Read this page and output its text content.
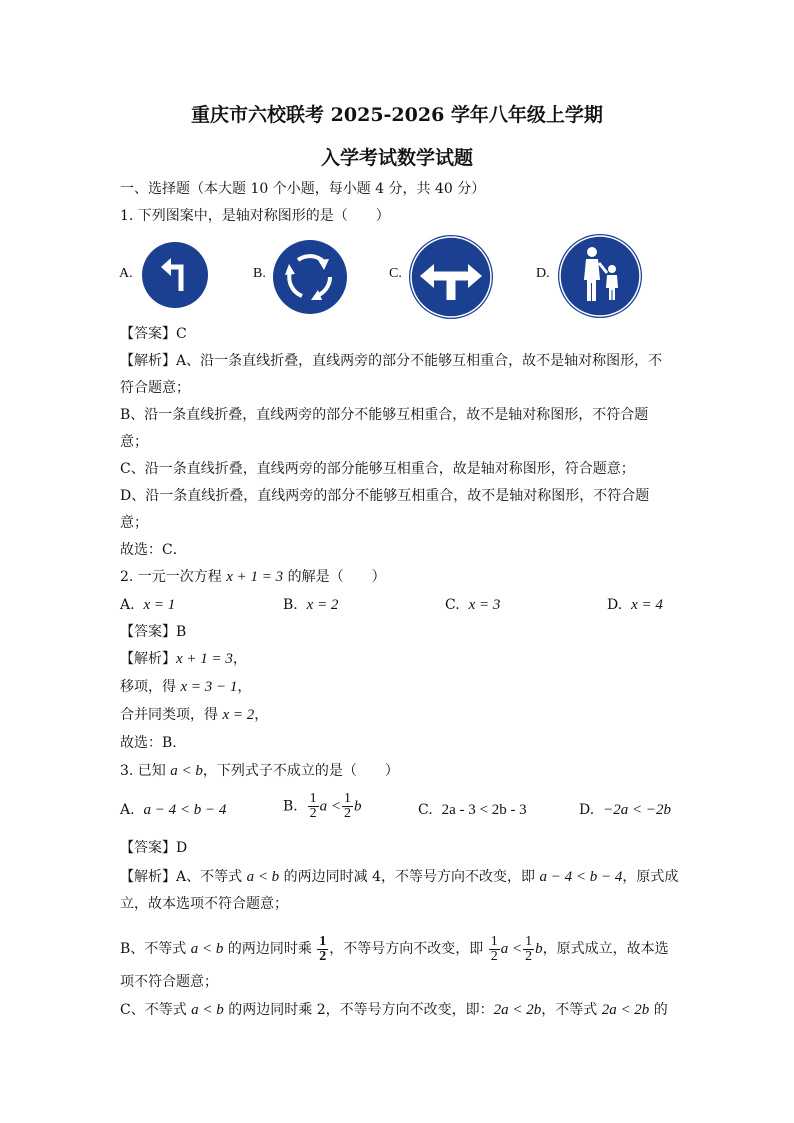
重庆市六校联考 2025-2026 学年八年级上学期
入学考试数学试题
一、选择题（本大题 10 个小题，每小题 4 分，共 40 分）
1. 下列图案中，是轴对称图形的是（　　）
A.	B.	C.	D.
【答案】C
【解析】A、沿一条直线折叠，直线两旁的部分不能够互相重合，故不是轴对称图形，不
符合题意；
B、沿一条直线折叠，直线两旁的部分不能够互相重合，故不是轴对称图形，不符合题
意；
C、沿一条直线折叠，直线两旁的部分能够互相重合，故是轴对称图形，符合题意；
D、沿一条直线折叠，直线两旁的部分不能够互相重合，故不是轴对称图形，不符合题
意；
故选：C．
2. 一元一次方程 x + 1 = 3 的解是（　　）
A. x = 1	B. x = 2	C. x = 3	D. x = 4
【答案】B
【解析】x + 1 = 3，
移项，得 x = 3 − 1，
合并同类项，得 x = 2，
故选：B.
3. 已知 a < b，下列式子不成立的是（　　）
A. a − 4 < b − 4	B. $\frac{1}{2}$ $a < \frac{1}{2}$ b	C. 2a - 3 < 2b - 3	D. −2a < −2b
【答案】D
【解析】A、不等式 a < b 的两边同时减 4，不等号方向不改变，即 a − 4 < b − 4，原式成
立，故本选项不符合题意；
B、不等式 a < b 的两边同时乘 $\frac{1}{2}$ ，不等号方向不改变，即 $\frac{1}{2}$ $a < \frac{1}{2}$ b，原式成立，故本选
项不符合题意；
C、不等式 a < b 的两边同时乘 2，不等号方向不改变，即：2a < 2b，不等式 2a < 2b 的
